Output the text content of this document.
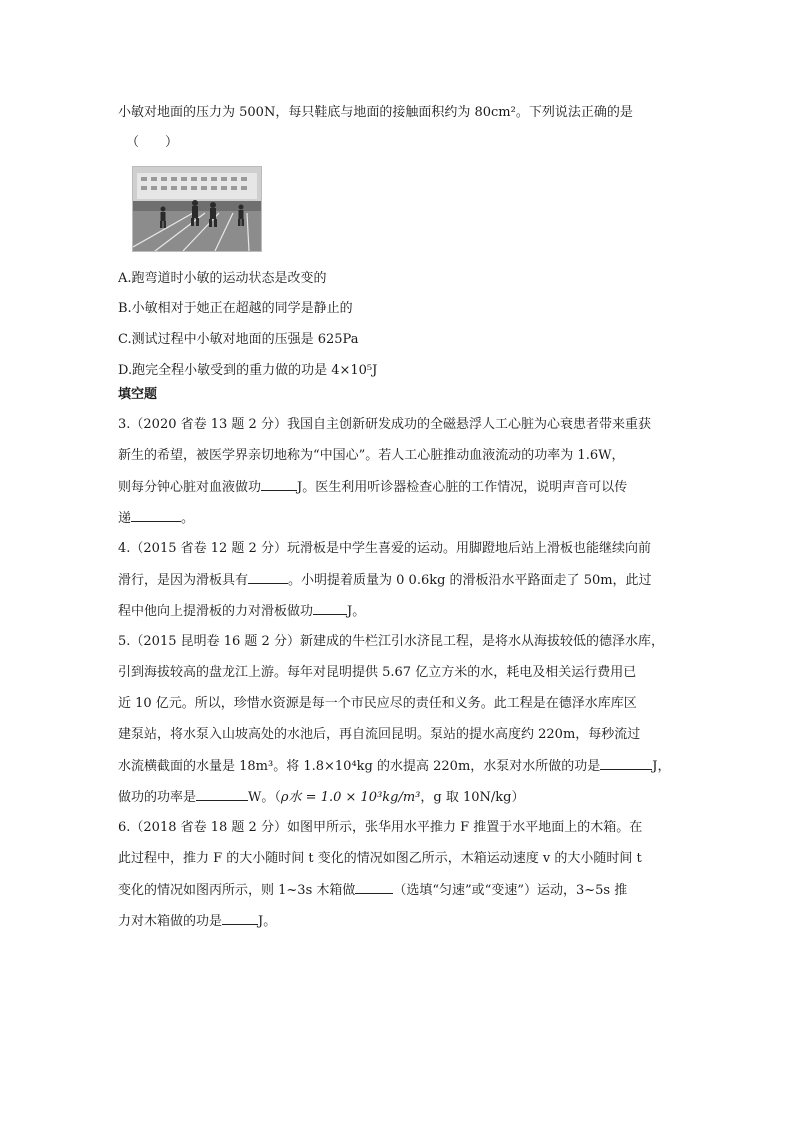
小敏对地面的压力为 500N，每只鞋底与地面的接触面积约为 80cm²。下列说法正确的是
（　　）
A.跑弯道时小敏的运动状态是改变的
B.小敏相对于她正在超越的同学是静止的
C.测试过程中小敏对地面的压强是 625Pa
D.跑完全程小敏受到的重力做的功是 4×10⁵J
填空题
3.（2020 省卷 13 题 2 分）我国自主创新研发成功的全磁悬浮人工心脏为心衰患者带来重获
新生的希望，被医学界亲切地称为“中国心”。若人工心脏推动血液流动的功率为 1.6W，
则每分钟心脏对血液做功	J。医生利用听诊器检查心脏的工作情况，说明声音可以传
递	。
4.（2015 省卷 12 题 2 分）玩滑板是中学生喜爱的运动。用脚蹬地后站上滑板也能继续向前
滑行，是因为滑板具有	。小明提着质量为 0 0.6kg 的滑板沿水平路面走了 50m，此过
程中他向上提滑板的力对滑板做功	J。
5.（2015 昆明卷 16 题 2 分）新建成的牛栏江引水济昆工程，是将水从海拔较低的德泽水库，
引到海拔较高的盘龙江上游。每年对昆明提供 5.67 亿立方米的水，耗电及相关运行费用已
近 10 亿元。所以，珍惜水资源是每一个市民应尽的责任和义务。此工程是在德泽水库库区
建泵站，将水泵入山坡高处的水池后，再自流回昆明。泵站的提水高度约 220m，每秒流过
水流横截面的水量是 18m³。将 1.8×10⁴kg 的水提高 220m，水泵对水所做的功是	J，
做功的功率是	W。（ρ水 = 1.0 × 10³kg/m³，g 取 10N/kg）
6.（2018 省卷 18 题 2 分）如图甲所示，张华用水平推力 F 推置于水平地面上的木箱。在
此过程中，推力 F 的大小随时间 t 变化的情况如图乙所示，木箱运动速度 v 的大小随时间 t
变化的情况如图丙所示，则 1~3s 木箱做	（选填“匀速”或“变速”）运动，3~5s 推
力对木箱做的功是	J。
